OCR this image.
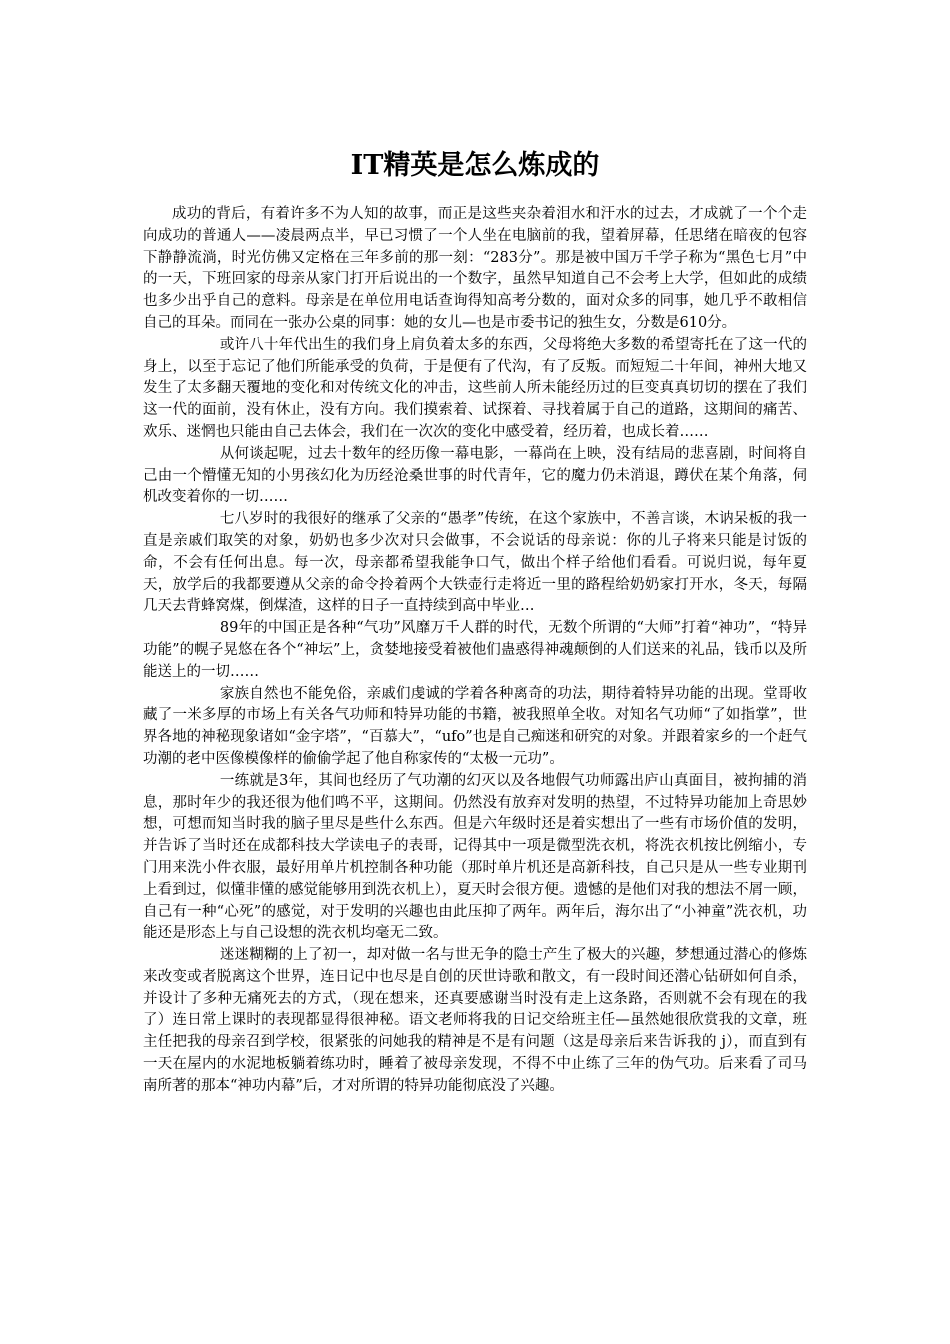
IT精英是怎么炼成的

成功的背后，有着许多不为人知的故事，而正是这些夹杂着泪水和汗水的过去，才成就了一个个走向成功的普通人——凌晨两点半，早已习惯了一个人坐在电脑前的我，望着屏幕，任思绪在暗夜的包容下静静流淌，时光仿佛又定格在三年多前的那一刻：“283分”。那是被中国万千学子称为“黑色七月”中的一天，下班回家的母亲从家门打开后说出的一个数字，虽然早知道自己不会考上大学，但如此的成绩也多少出乎自己的意料。母亲是在单位用电话查询得知高考分数的，面对众多的同事，她几乎不敢相信自己的耳朵。而同在一张办公桌的同事：她的女儿—也是市委书记的独生女，分数是610分。

或许八十年代出生的我们身上肩负着太多的东西，父母将绝大多数的希望寄托在了这一代的身上，以至于忘记了他们所能承受的负荷，于是便有了代沟，有了反叛。而短短二十年间，神州大地又发生了太多翻天覆地的变化和对传统文化的冲击，这些前人所未能经历过的巨变真真切切的摆在了我们这一代的面前，没有休止，没有方向。我们摸索着、试探着、寻找着属于自己的道路，这期间的痛苦、欢乐、迷惘也只能由自己去体会，我们在一次次的变化中感受着，经历着，也成长着……

从何谈起呢，过去十数年的经历像一幕电影，一幕尚在上映，没有结局的悲喜剧，时间将自己由一个懵懂无知的小男孩幻化为历经沧桑世事的时代青年，它的魔力仍未消退，蹲伏在某个角落，伺机改变着你的一切……

七八岁时的我很好的继承了父亲的“愚孝”传统，在这个家族中，不善言谈，木讷呆板的我一直是亲戚们取笑的对象，奶奶也多少次对只会做事，不会说话的母亲说：你的儿子将来只能是讨饭的命，不会有任何出息。每一次，母亲都希望我能争口气，做出个样子给他们看看。可说归说，每年夏天，放学后的我都要遵从父亲的命令拎着两个大铁壶行走将近一里的路程给奶奶家打开水，冬天，每隔几天去背蜂窝煤，倒煤渣，这样的日子一直持续到高中毕业…

89年的中国正是各种“气功”风靡万千人群的时代，无数个所谓的“大师”打着“神功”，“特异功能”的幌子晃悠在各个“神坛”上，贪婪地接受着被他们蛊惑得神魂颠倒的人们送来的礼品，钱币以及所能送上的一切……

家族自然也不能免俗，亲戚们虔诚的学着各种离奇的功法，期待着特异功能的出现。堂哥收藏了一米多厚的市场上有关各气功师和特异功能的书籍，被我照单全收。对知名气功师“了如指掌”，世界各地的神秘现象诸如“金字塔”，“百慕大”，“ufo”也是自己痴迷和研究的对象。并跟着家乡的一个赶气功潮的老中医像模像样的偷偷学起了他自称家传的“太极一元功”。

一练就是3年，其间也经历了气功潮的幻灭以及各地假气功师露出庐山真面目，被拘捕的消息，那时年少的我还很为他们鸣不平，这期间。仍然没有放弃对发明的热望，不过特异功能加上奇思妙想，可想而知当时我的脑子里尽是些什么东西。但是六年级时还是着实想出了一些有市场价值的发明，并告诉了当时还在成都科技大学读电子的表哥，记得其中一项是微型洗衣机，将洗衣机按比例缩小，专门用来洗小件衣服，最好用单片机控制各种功能（那时单片机还是高新科技，自己只是从一些专业期刊上看到过，似懂非懂的感觉能够用到洗衣机上），夏天时会很方便。遗憾的是他们对我的想法不屑一顾，自己有一种“心死”的感觉，对于发明的兴趣也由此压抑了两年。两年后，海尔出了“小神童”洗衣机，功能还是形态上与自己设想的洗衣机均毫无二致。

迷迷糊糊的上了初一，却对做一名与世无争的隐士产生了极大的兴趣，梦想通过潜心的修炼来改变或者脱离这个世界，连日记中也尽是自创的厌世诗歌和散文，有一段时间还潜心钻研如何自杀，并设计了多种无痛死去的方式，（现在想来，还真要感谢当时没有走上这条路，否则就不会有现在的我了）连日常上课时的表现都显得很神秘。语文老师将我的日记交给班主任—虽然她很欣赏我的文章，班主任把我的母亲召到学校，很紧张的问她我的精神是不是有问题（这是母亲后来告诉我的 j），而直到有一天在屋内的水泥地板躺着练功时，睡着了被母亲发现，不得不中止练了三年的伪气功。后来看了司马南所著的那本“神功内幕”后，才对所谓的特异功能彻底没了兴趣。
